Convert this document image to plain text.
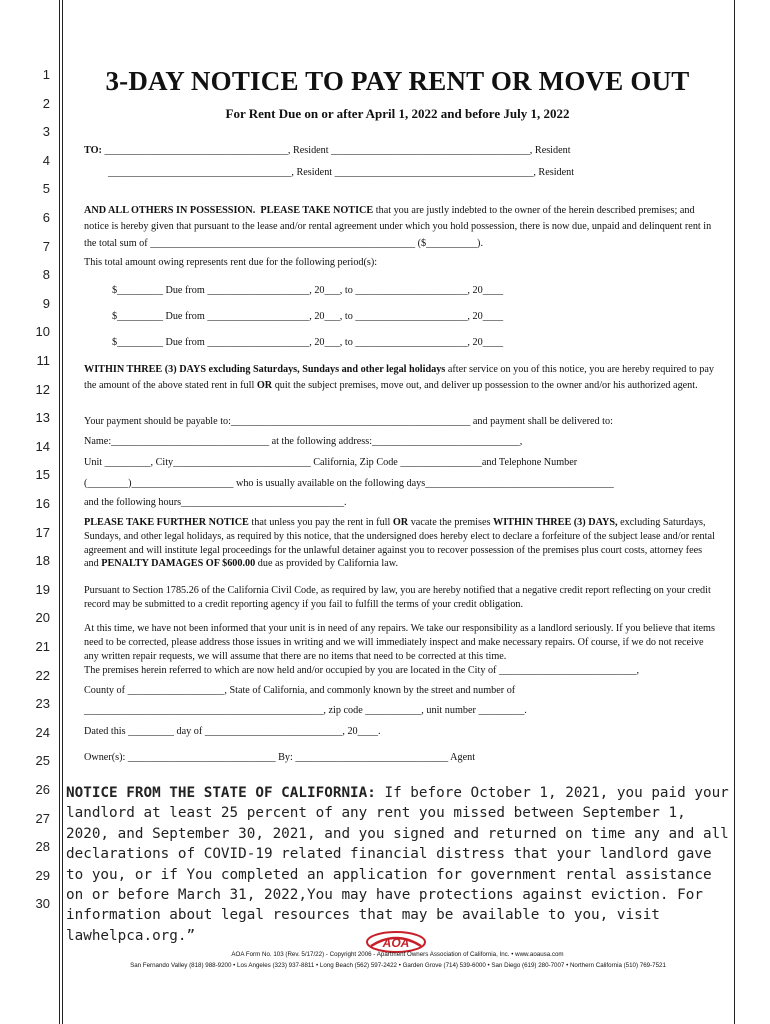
1
2
3
4
5
6
7
8
9
10
11
12
13
14
15
16
17
18
19
20
21
22
23
24
25
26
27
28
29
30
3-DAY NOTICE TO PAY RENT OR MOVE OUT
For Rent Due on or after April 1, 2022 and before July 1, 2022
TO: ____________________________________, Resident _______________________________________, Resident
____________________________________, Resident _______________________________________, Resident
AND ALL OTHERS IN POSSESSION. PLEASE TAKE NOTICE that you are justly indebted to the owner of the herein described premises; and notice is hereby given that pursuant to the lease and/or rental agreement under which you hold possession, there is now due, unpaid and delinquent rent in the total sum of ____________________________________________________ ($__________).
This total amount owing represents rent due for the following period(s):
$_________ Due from ____________________, 20___, to ______________________, 20____
$_________ Due from ____________________, 20___, to ______________________, 20____
$_________ Due from ____________________, 20___, to ______________________, 20____
WITHIN THREE (3) DAYS excluding Saturdays, Sundays and other legal holidays after service on you of this notice, you are hereby required to pay the amount of the above stated rent in full OR quit the subject premises, move out, and deliver up possession to the owner and/or his authorized agent.
Your payment should be payable to:_______________________________________________ and payment shall be delivered to:
Name:_______________________________ at the following address:_____________________________,
Unit _________, City___________________________ California, Zip Code ________________and Telephone Number
(________)____________________ who is usually available on the following days_____________________________________
and the following hours________________________________.
PLEASE TAKE FURTHER NOTICE that unless you pay the rent in full OR vacate the premises WITHIN THREE (3) DAYS, excluding Saturdays, Sundays, and other legal holidays, as required by this notice, that the undersigned does hereby elect to declare a forfeiture of the subject lease and/or rental agreement and will institute legal proceedings for the unlawful detainer against you to recover possession of the premises plus court costs, attorney fees and PENALTY DAMAGES OF $600.00 due as provided by California law.
Pursuant to Section 1785.26 of the California Civil Code, as required by law, you are hereby notified that a negative credit report reflecting on your credit record may be submitted to a credit reporting agency if you fail to fulfill the terms of your credit obligation.
At this time, we have not been informed that your unit is in need of any repairs. We take our responsibility as a landlord seriously. If you believe that items need to be corrected, please address those issues in writing and we will immediately inspect and make necessary repairs. Of course, if we do not receive any written repair requests, we will assume that there are no items that need to be corrected at this time.
The premises herein referred to which are now held and/or occupied by you are located in the City of ___________________________,
County of ___________________, State of California, and commonly known by the street and number of
_______________________________________________, zip code ___________, unit number _________.
Dated this _________ day of ___________________________, 20____.
Owner(s): _____________________________ By: ______________________________ Agent
NOTICE FROM THE STATE OF CALIFORNIA: If before October 1, 2021, you paid your landlord at least 25 percent of any rent you missed between September 1, 2020, and September 30, 2021, and you signed and returned on time any and all declarations of COVID-19 related financial distress that your landlord gave to you, or if You completed an application for government rental assistance on or before March 31, 2022,You may have protections against eviction. For information about legal resources that may be available to you, visit lawhelpca.org.”	AOA
AOA Form No. 103 (Rev. 5/17/22) - Copyright 2006 - Apartment Owners Association of California, Inc. • www.aoausa.com
San Fernando Valley (818) 988-9200 • Los Angeles (323) 937-8811 • Long Beach (562) 597-2422 • Garden Grove (714) 539-6000 • San Diego (619) 280-7007 • Northern California (510) 769-7521
